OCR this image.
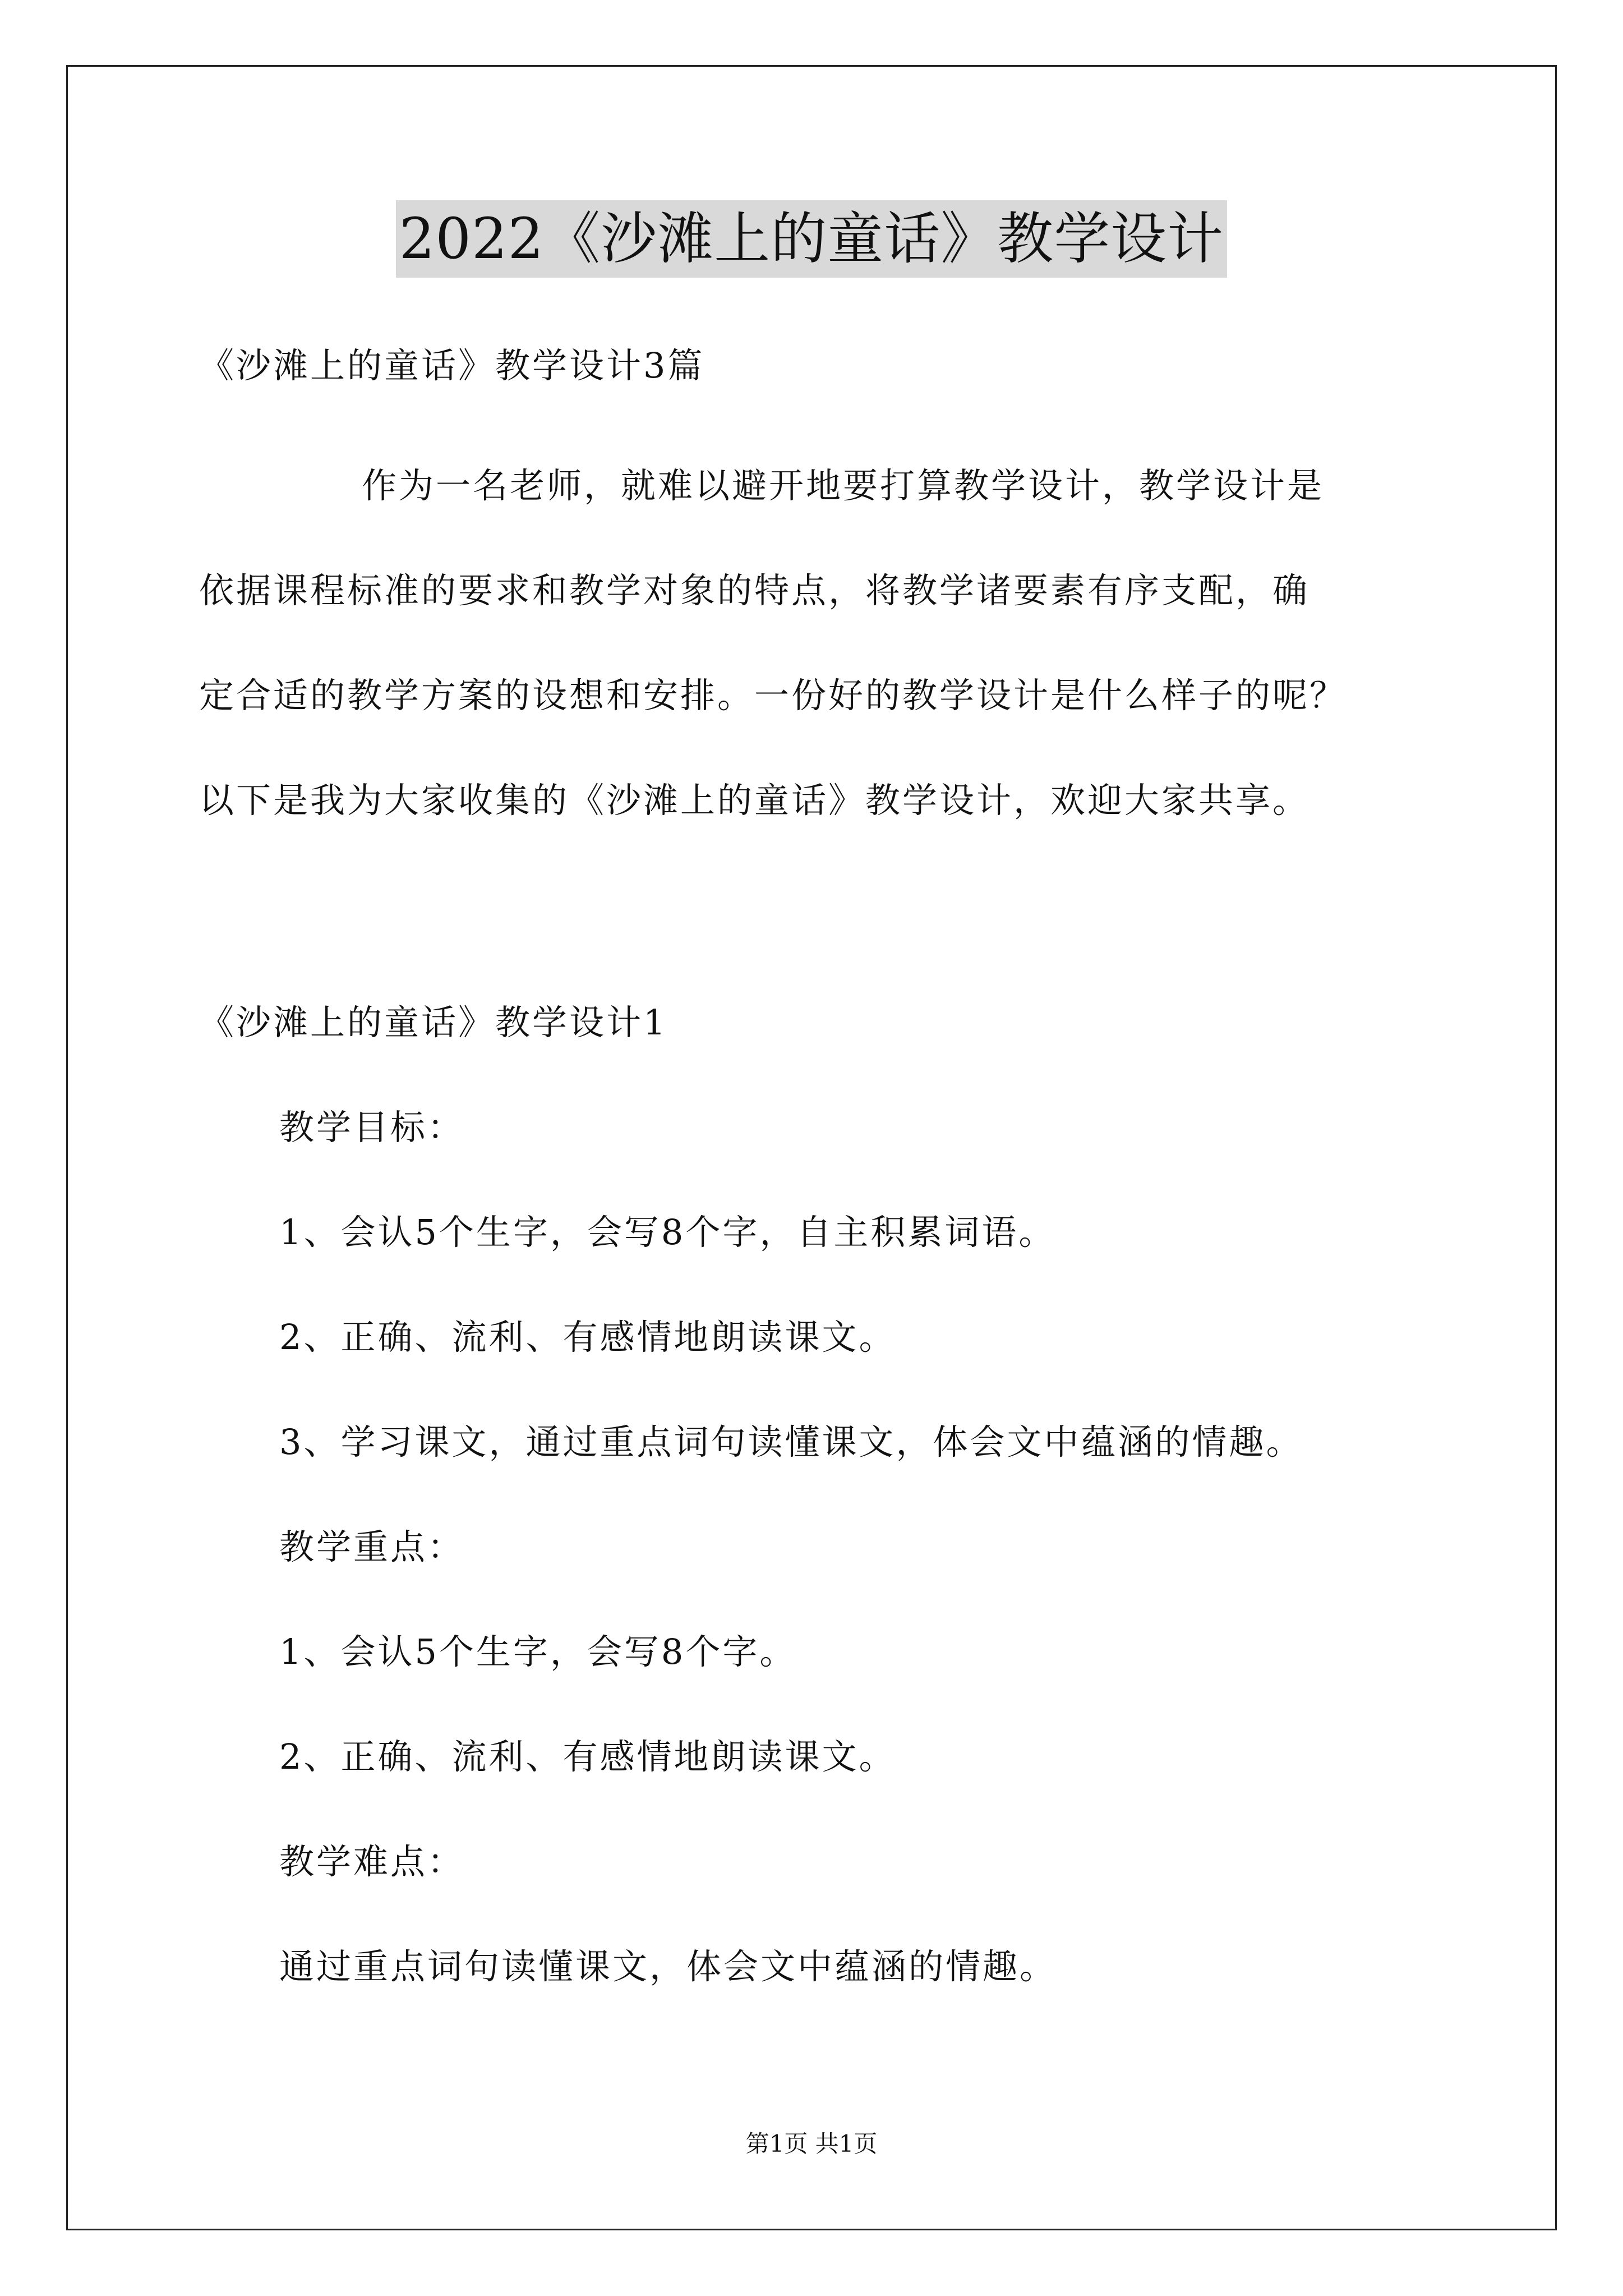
2022《沙滩上的童话》教学设计
《沙滩上的童话》教学设计3篇
作为一名老师，就难以避开地要打算教学设计，教学设计是
依据课程标准的要求和教学对象的特点，将教学诸要素有序支配，确
定合适的教学方案的设想和安排。一份好的教学设计是什么样子的呢？
以下是我为大家收集的《沙滩上的童话》教学设计，欢迎大家共享。
《沙滩上的童话》教学设计1
教学目标：
1、会认5个生字，会写8个字，自主积累词语。
2、正确、流利、有感情地朗读课文。
3、学习课文，通过重点词句读懂课文，体会文中蕴涵的情趣。
教学重点：
1、会认5个生字，会写8个字。
2、正确、流利、有感情地朗读课文。
教学难点：
通过重点词句读懂课文，体会文中蕴涵的情趣。
第1页 共1页
